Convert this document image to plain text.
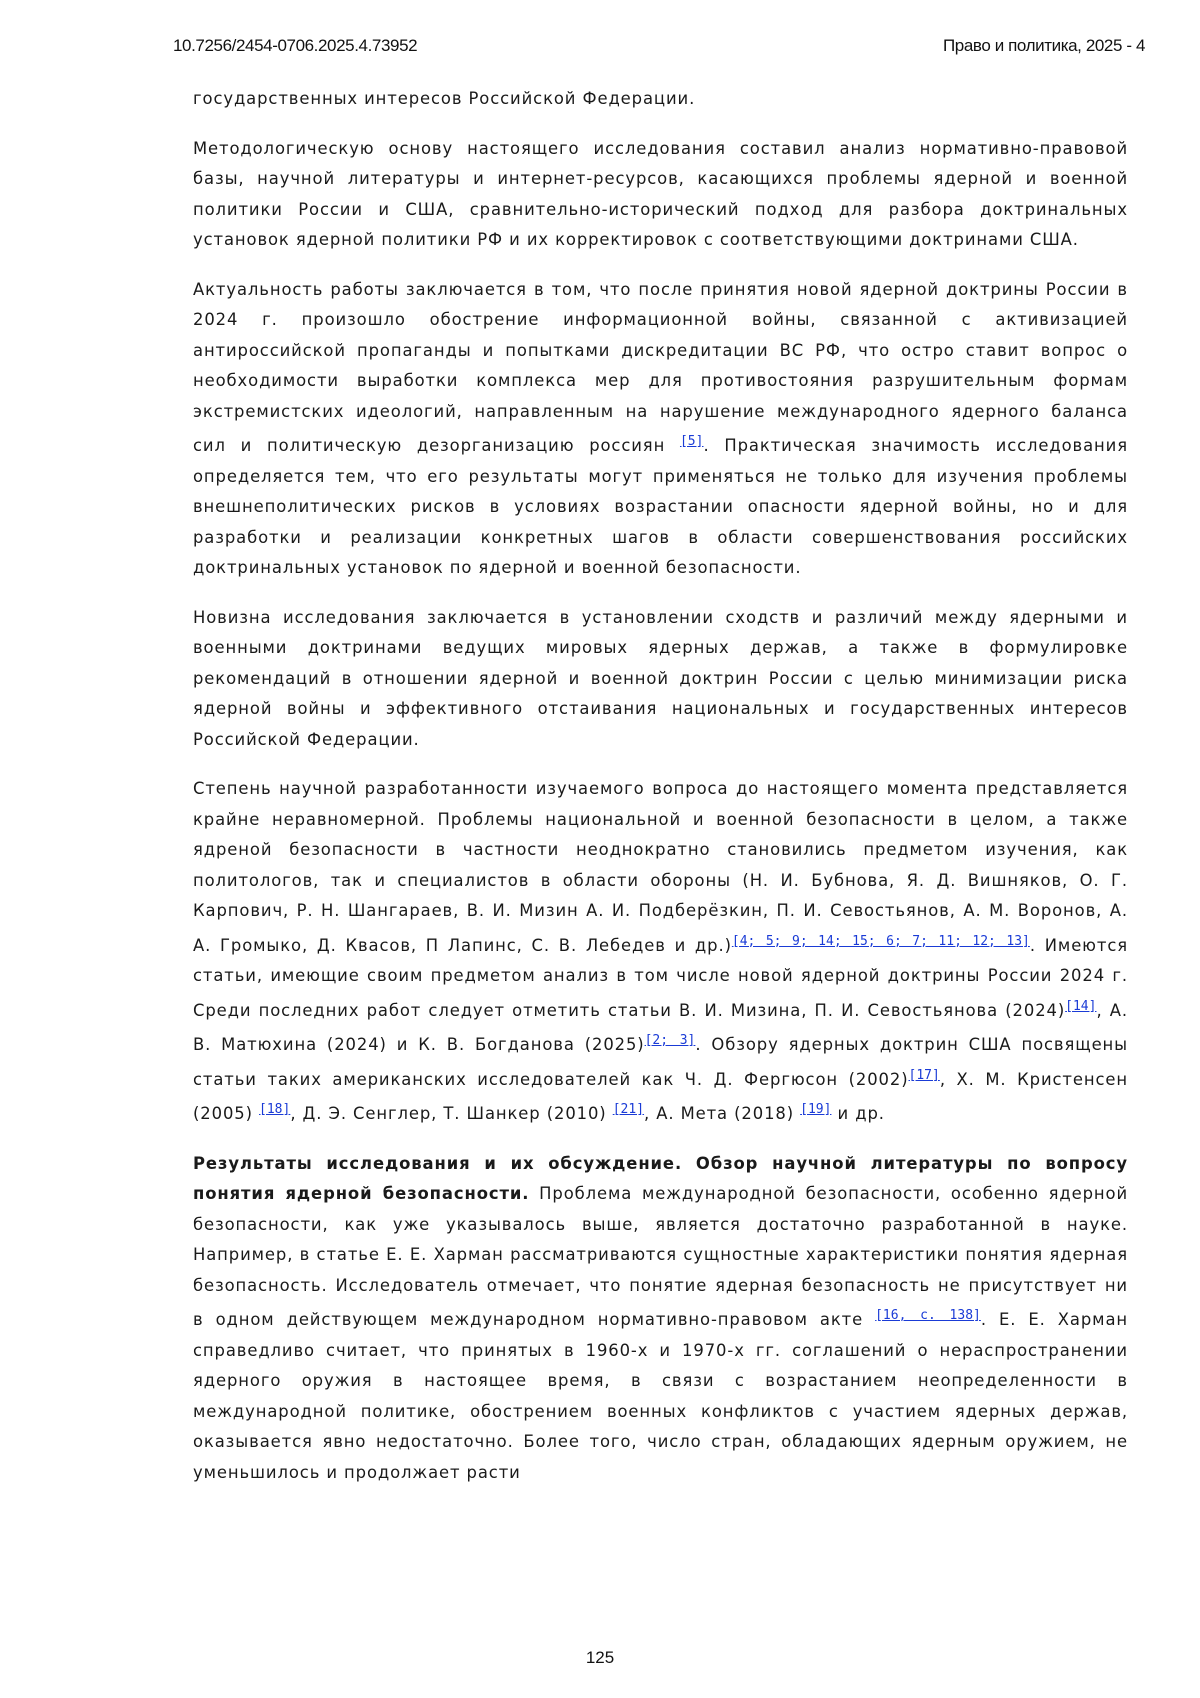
10.7256/2454-0706.2025.4.73952	Право и политика, 2025 - 4

государственных интересов Российской Федерации.

Методологическую основу настоящего исследования составил анализ нормативно-правовой базы, научной литературы и интернет-ресурсов, касающихся проблемы ядерной и военной политики России и США, сравнительно-исторический подход для разбора доктринальных установок ядерной политики РФ и их корректировок с соответствующими доктринами США.

Актуальность работы заключается в том, что после принятия новой ядерной доктрины России в 2024 г. произошло обострение информационной войны, связанной с активизацией антироссийской пропаганды и попытками дискредитации ВС РФ, что остро ставит вопрос о необходимости выработки комплекса мер для противостояния разрушительным формам экстремистских идеологий, направленным на нарушение международного ядерного баланса сил и политическую дезорганизацию россиян [5]. Практическая значимость исследования определяется тем, что его результаты могут применяться не только для изучения проблемы внешнеполитических рисков в условиях возрастании опасности ядерной войны, но и для разработки и реализации конкретных шагов в области совершенствования российских доктринальных установок по ядерной и военной безопасности.

Новизна исследования заключается в установлении сходств и различий между ядерными и военными доктринами ведущих мировых ядерных держав, а также в формулировке рекомендаций в отношении ядерной и военной доктрин России с целью минимизации риска ядерной войны и эффективного отстаивания национальных и государственных интересов Российской Федерации.

Степень научной разработанности изучаемого вопроса до настоящего момента представляется крайне неравномерной. Проблемы национальной и военной безопасности в целом, а также ядреной безопасности в частности неоднократно становились предметом изучения, как политологов, так и специалистов в области обороны (Н. И. Бубнова, Я. Д. Вишняков, О. Г. Карпович, Р. Н. Шангараев, В. И. Мизин А. И. Подберёзкин, П. И. Севостьянов, А. М. Воронов, А. А. Громыко, Д. Квасов, П Лапинс, С. В. Лебедев и др.)[4; 5; 9; 14; 15; 6; 7; 11; 12; 13]. Имеются статьи, имеющие своим предметом анализ в том числе новой ядерной доктрины России 2024 г. Среди последних работ следует отметить статьи В. И. Мизина, П. И. Севостьянова (2024)[14], А. В. Матюхина (2024) и К. В. Богданова (2025)[2; 3]. Обзору ядерных доктрин США посвящены статьи таких американских исследователей как Ч. Д. Фергюсон (2002)[17], Х. М. Кристенсен (2005) [18], Д. Э. Сенглер, Т. Шанкер (2010) [21], А. Мета (2018) [19] и др.

Результаты исследования и их обсуждение. Обзор научной литературы по вопросу понятия ядерной безопасности. Проблема международной безопасности, особенно ядерной безопасности, как уже указывалось выше, является достаточно разработанной в науке. Например, в статье Е. Е. Харман рассматриваются сущностные характеристики понятия ядерная безопасность. Исследователь отмечает, что понятие ядерная безопасность не присутствует ни в одном действующем международном нормативно-правовом акте [16, с. 138]. Е. Е. Харман справедливо считает, что принятых в 1960-х и 1970-х гг. соглашений о нераспространении ядерного оружия в настоящее время, в связи с возрастанием неопределенности в международной политике, обострением военных конфликтов с участием ядерных держав, оказывается явно недостаточно. Более того, число стран, обладающих ядерным оружием, не уменьшилось и продолжает расти

125
